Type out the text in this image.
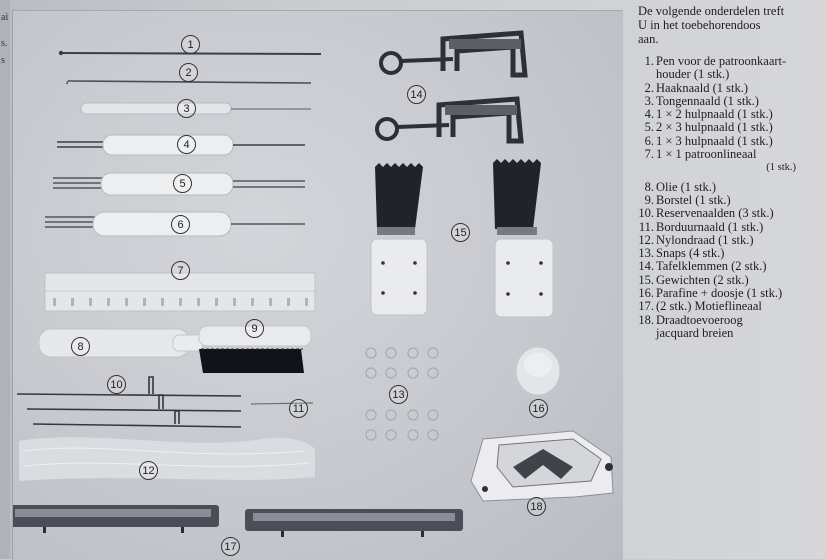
ai
s.
s
1
2
3
4
5
6
7
8
9
10
11
12
13
14
15
16
17
18
De volgende onderdelen treft
U in het toebehorendoos
aan.
1 . Pen voor de patroonkaart-
houder (1 stk.)
2 . Haaknaald (1 stk.)
3 . Tongennaald (1 stk.)
4 . 1 × 2 hulpnaald (1 stk.)
5 . 2 × 3 hulpnaald (1 stk.)
6 . 1 × 3 hulpnaald (1 stk.)
7 . 1 × 1 patroonlineaal
(1 stk.)
8 . Olie (1 stk.)
9 . Borstel (1 stk.)
10 . Reservenaalden (3 stk.)
11 . Borduurnaald (1 stk.)
12 . Nylondraad (1 stk.)
13 . Snaps (4 stk.)
14 . Tafelklemmen (2 stk.)
15 . Gewichten (2 stk.)
16 . Parafine + doosje (1 stk.)
17 . (2 stk.) Motieflineaal
18 . Draadtoevoeroog
jacquard breien
